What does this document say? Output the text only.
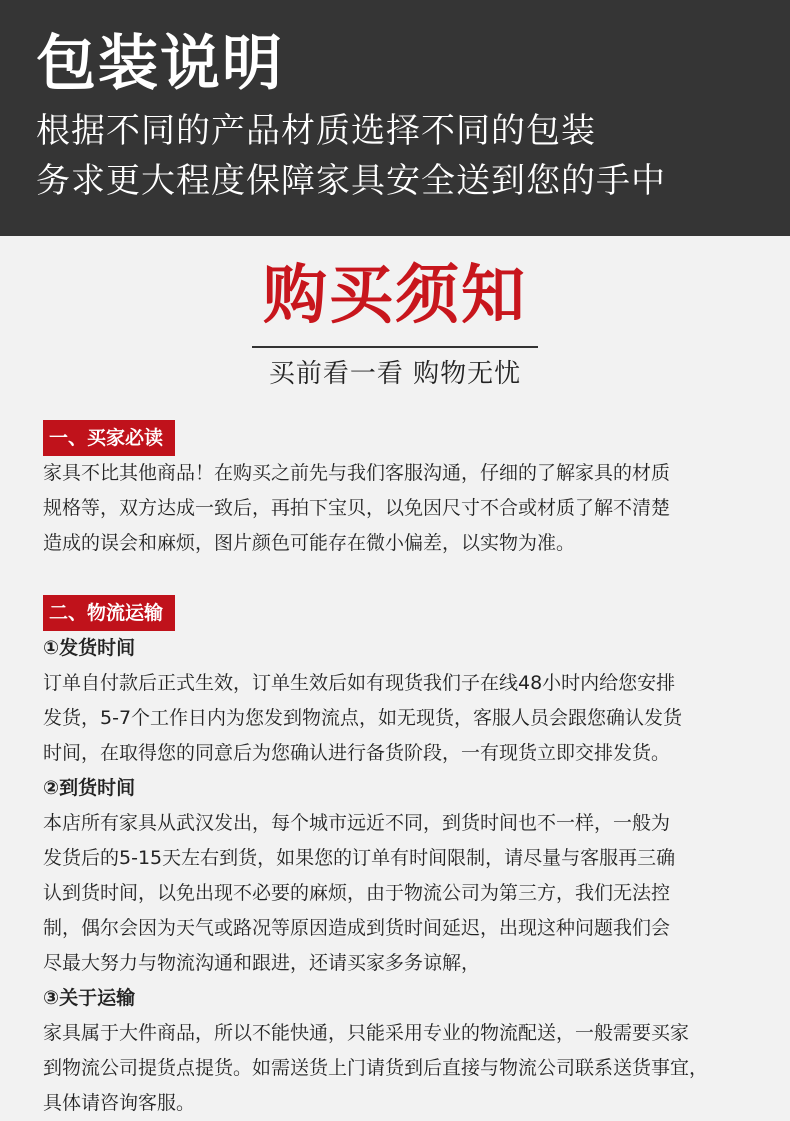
包装说明

根据不同的产品材质选择不同的包装

务求更大程度保障家具安全送到您的手中

购买须知
买前看一看 购物无忧
一、买家必读

家具不比其他商品！在购买之前先与我们客服沟通，仔细的了解家具的材质

规格等，双方达成一致后，再拍下宝贝，以免因尺寸不合或材质了解不清楚

造成的误会和麻烦，图片颜色可能存在微小偏差，以实物为准。

二、物流运输

①发货时间

订单自付款后正式生效，订单生效后如有现货我们子在线48小时内给您安排

发货，5-7个工作日内为您发到物流点，如无现货，客服人员会跟您确认发货

时间，在取得您的同意后为您确认进行备货阶段，一有现货立即交排发货。

②到货时间

本店所有家具从武汉发出，每个城市远近不同，到货时间也不一样，一般为

发货后的5-15天左右到货，如果您的订单有时间限制，请尽量与客服再三确

认到货时间，以免出现不必要的麻烦，由于物流公司为第三方，我们无法控

制，偶尔会因为天气或路况等原因造成到货时间延迟，出现这种问题我们会

尽最大努力与物流沟通和跟进，还请买家多务谅解，

③关于运输

家具属于大件商品，所以不能快通，只能采用专业的物流配送，一般需要买家

到物流公司提货点提货。如需送货上门请货到后直接与物流公司联系送货事宜，

具体请咨询客服。
